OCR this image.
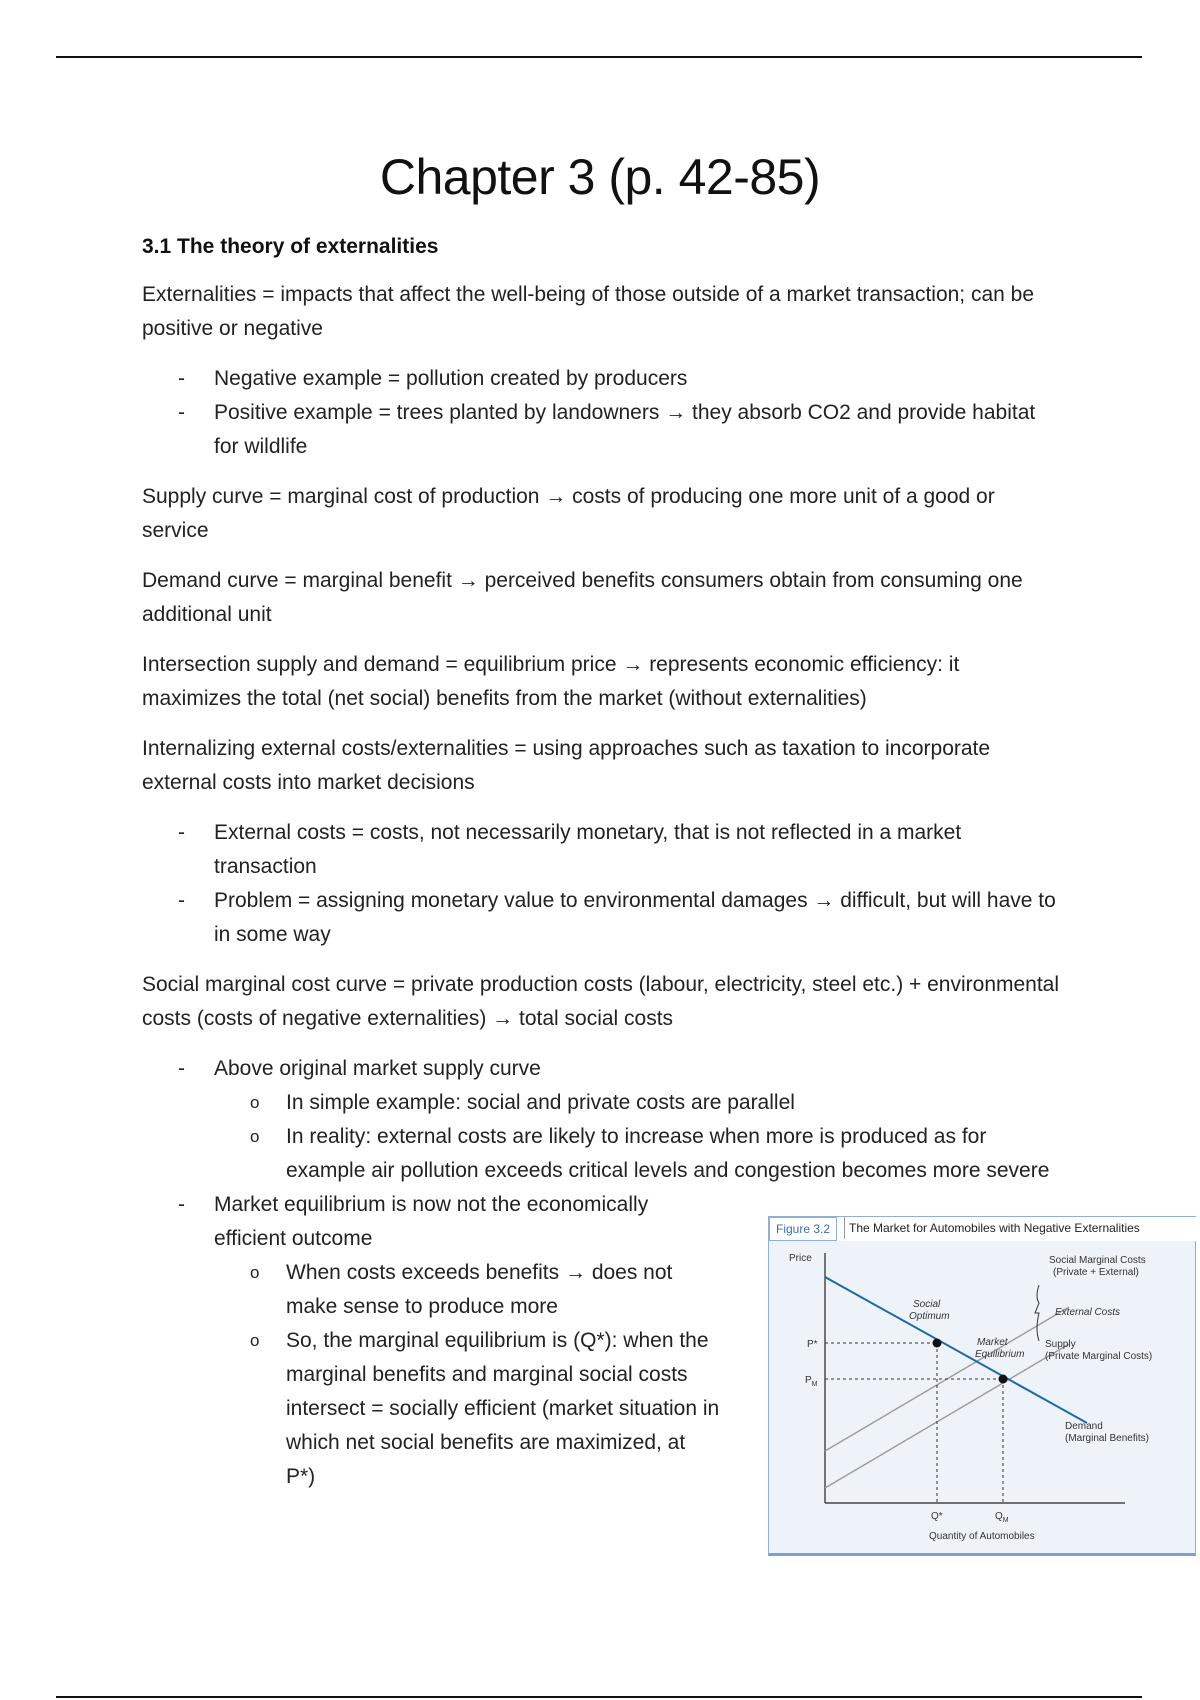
Chapter 3 (p. 42-85)
3.1 The theory of externalities

Externalities = impacts that affect the well-being of those outside of a market transaction; can be positive or negative

- Negative example = pollution created by producers
- Positive example = trees planted by landowners → they absorb CO2 and provide habitat for wildlife

Supply curve = marginal cost of production → costs of producing one more unit of a good or service

Demand curve = marginal benefit → perceived benefits consumers obtain from consuming one additional unit

Intersection supply and demand = equilibrium price → represents economic efficiency: it maximizes the total (net social) benefits from the market (without externalities)

Internalizing external costs/externalities = using approaches such as taxation to incorporate external costs into market decisions

- External costs = costs, not necessarily monetary, that is not reflected in a market transaction
- Problem = assigning monetary value to environmental damages → difficult, but will have to in some way

Social marginal cost curve = private production costs (labour, electricity, steel etc.) + environmental costs (costs of negative externalities) → total social costs

- Above original market supply curve
o In simple example: social and private costs are parallel
o In reality: external costs are likely to increase when more is produced as for example air pollution exceeds critical levels and congestion becomes more severe
- Market equilibrium is now not the economically efficient outcome
o When costs exceeds benefits → does not make sense to produce more
o So, the marginal equilibrium is (Q*): when the marginal benefits and marginal social costs intersect = socially efficient (market situation in which net social benefits are maximized, at P*)
Figure 3.2	The Market for Automobiles with Negative Externalities
Price
Quantity of Automobiles
P*
$P_M$
Q*	$Q_M$
Social
Optimum
Market
Equilibrium
Social Marginal Costs
(Private + External)
External Costs
Supply
(Private Marginal Costs)
Demand
(Marginal Benefits)
